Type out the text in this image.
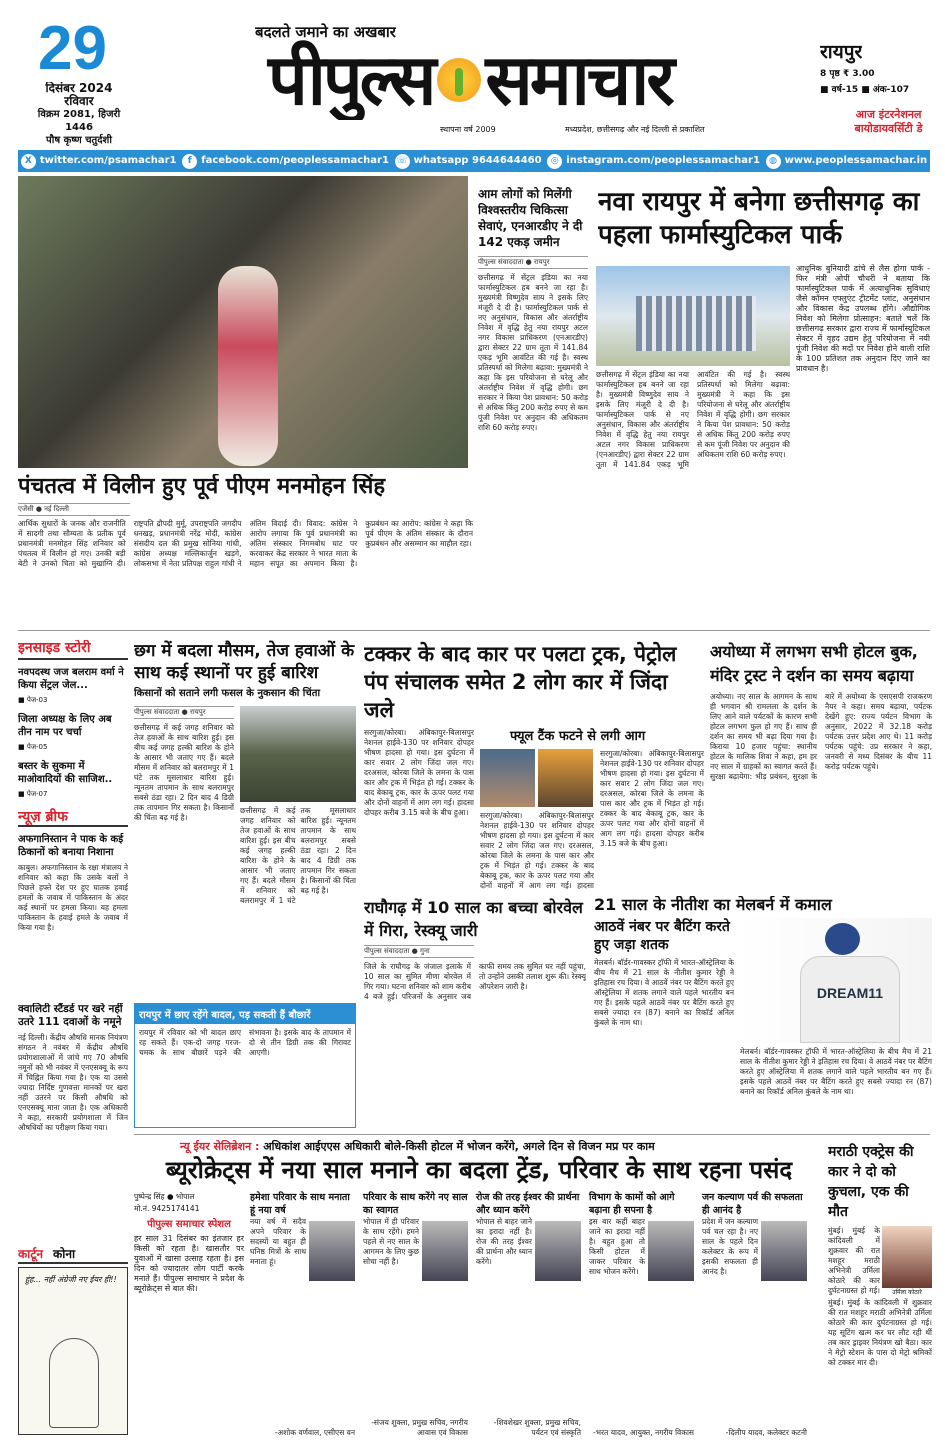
29
दिसंबर 2024
रविवार
विक्रम 2081, हिजरी 1446
पौष कृष्ण चतुर्दशी
बदलते जमाने का अखबार
पीपुल्स समाचार
स्थापना वर्ष 2009	मध्यप्रदेश, छत्तीसगढ़ और नई दिल्ली से प्रकाशित
रायपुर
8 पृष्ठ ₹ 3.00
■ वर्ष-15 ■ अंक-107
आज इंटरनेशनल बायोडायवर्सिटी डे
X twitter.com/psamachar1	f facebook.com/peoplessamachar1 ☏ whatsapp 9644644460	◎ instagram.com/peoplessamachar1	◍ www.peoplessamachar.in
पंचतत्व में विलीन हुए पूर्व पीएम मनमोहन सिंह
एजेंसी ● नई दिल्ली
आर्थिक सुधारों के जनक और राजनीति में सादगी तथा सौम्यता के प्रतीक पूर्व प्रधानमंत्री मनमोहन सिंह शनिवार को पंचतत्व में विलीन हो गए। उनकी बड़ी बेटी ने उनको चिता को मुखाग्नि दी। राष्ट्रपति द्रौपदी मुर्मू, उपराष्ट्रपति जगदीप धनखड़, प्रधानमंत्री नरेंद्र मोदी, कांग्रेस संसदीय दल की प्रमुख सोनिया गांधी, कांग्रेस अध्यक्ष मल्लिकार्जुन खड़गे, लोकसभा में नेता प्रतिपक्ष राहुल गांधी ने अंतिम विदाई दी। विवाद: कांग्रेस ने आरोप लगाया कि पूर्व प्रधानमंत्री का अंतिम संस्कार निगमबोध घाट पर करवाकर केंद्र सरकार ने भारत माता के महान सपूत का अपमान किया है। कुप्रबंधन का आरोप: कांग्रेस ने कहा कि पूर्व पीएम के अंतिम संस्कार के दौरान कुप्रबंधन और असम्मान का माहौल रहा।
आम लोगों को मिलेंगी विश्वस्तरीय चिकित्सा सेवाएं, एनआरडीए ने दी 142 एकड़ जमीन
पीपुल्स संवाददाता ● रायपुर
छत्तीसगढ़ में सेंट्रल इंडिया का नया फार्मास्युटिकल हब बनने जा रहा है। मुख्यमंत्री विष्णुदेव साय ने इसके लिए मंजूरी दे दी है। फार्मास्युटिकल पार्क से नए अनुसंधान, विकास और अंतर्राष्ट्रीय निवेश में वृद्धि हेतु नया रायपुर अटल नगर विकास प्राधिकरण (एनआरडीए) द्वारा सेक्टर 22 ग्राम तूता में 141.84 एकड़ भूमि आवंटित की गई है। स्वस्थ प्रतिस्पर्धा को मिलेगा बढ़ावा: मुख्यमंत्री ने कहा कि इस परियोजना से घरेलू और अंतर्राष्ट्रीय निवेश में वृद्धि होगी। छग सरकार ने किया पेश प्रावधान: 50 करोड़ से अधिक किंतु 200 करोड़ रुपए से कम पूंजी निवेश पर अनुदान की अधिकतम राशि 60 करोड़ रुपए।
नवा रायपुर में बनेगा छत्तीसगढ़ का पहला फार्मास्युटिकल पार्क
छत्तीसगढ़ में सेंट्रल इंडिया का नया फार्मास्युटिकल हब बनने जा रहा है। मुख्यमंत्री विष्णुदेव साय ने इसके लिए मंजूरी दे दी है। फार्मास्युटिकल पार्क से नए अनुसंधान, विकास और अंतर्राष्ट्रीय निवेश में वृद्धि हेतु नया रायपुर अटल नगर विकास प्राधिकरण (एनआरडीए) द्वारा सेक्टर 22 ग्राम तूता में 141.84 एकड़ भूमि आवंटित की गई है। स्वस्थ प्रतिस्पर्धा को मिलेगा बढ़ावा: मुख्यमंत्री ने कहा कि इस परियोजना से घरेलू और अंतर्राष्ट्रीय निवेश में वृद्धि होगी। छग सरकार ने किया पेश प्रावधान: 50 करोड़ से अधिक किंतु 200 करोड़ रुपए से कम पूंजी निवेश पर अनुदान की अधिकतम राशि 60 करोड़ रुपए।
आधुनिक बुनियादी ढांचे से लैस होगा पार्क - फिर मंत्री ओपी चौधरी ने बताया कि फार्मास्युटिकल पार्क में अत्याधुनिक सुविधाएं जैसे कॉमन एफ्लुएंट ट्रीटमेंट प्लांट, अनुसंधान और विकास केंद्र उपलब्ध होंगे। औद्योगिक निवेश को मिलेगा प्रोत्साहन: बताते चलें कि छत्तीसगढ़ सरकार द्वारा राज्य में फार्मास्युटिकल सेक्टर में वृहद उद्यम हेतु परियोजना में नयी पूंजी निवेश की मदों पर निवेश होने वाली राशि के 100 प्रतिशत तक अनुदान दिए जाने का प्रावधान है।
इनसाइड स्टोरी
नवपदस्थ जज बलराम वर्मा ने किया सेंट्रल जेल...
■ पेज-03
जिला अध्यक्ष के लिए अब तीन नाम पर चर्चा
■ पेज-05
बस्तर के सुकमा में माओवादियों की साजिश..
■ पेज-07
न्यूज़ ब्रीफ
अफगानिस्तान ने पाक के कई ठिकानों को बनाया निशाना
काबुल। अफगानिस्तान के रक्षा मंत्रालय ने शनिवार को कहा कि उसके बलों ने पिछले हफ्ते देश पर हुए घातक हवाई हमलों के जवाब में पाकिस्तान के अंदर कई स्थानों पर हमला किया। यह हमला पाकिस्तान के हवाई हमले के जवाब में किया गया है।
क्वालिटी स्टैंडर्ड पर खरे नहीं उतरे 111 दवाओं के नमूने
नई दिल्ली। केंद्रीय औषधि मानक नियंत्रण संगठन ने नवंबर में केंद्रीय औषधि प्रयोगशालाओं में जांचे गए 70 औषधि नमूनों को भी नवंबर में एनएसक्यू के रूप में चिह्नित किया गया है। एक या उससे ज्यादा निर्दिष्ट गुणवत्ता मानकों पर खरा नहीं उतरने पर किसी औषधि को एनएसक्यू माना जाता है। एक अधिकारी ने कहा, सरकारी प्रयोगशाला में जिन औषधियों का परीक्षण किया गया।
छग में बदला मौसम, तेज हवाओं के साथ कई स्थानों पर हुई बारिश
किसानों को सताने लगी फसल के नुकसान की चिंता
पीपुल्स संवाददाता ● रायपुर
छत्तीसगढ़ में कई जगह शनिवार को तेज हवाओं के साथ बारिश हुई। इस बीच कई जगह हल्की बारिश के होने के आसार भी जताए गए हैं। बदले मौसम में शनिवार को बलरामपुर में 1 घंटे तक मूसलाधार बारिश हुई। न्यूनतम तापमान के साथ बलरामपुर सबसे ठंडा रहा। 2 दिन बाद 4 डिग्री तक तापमान गिर सकता है। किसानों की चिंता बढ़ गई है।
छत्तीसगढ़ में कई जगह शनिवार को तेज हवाओं के साथ बारिश हुई। इस बीच कई जगह हल्की बारिश के होने के आसार भी जताए गए हैं। बदले मौसम में शनिवार को बलरामपुर में 1 घंटे तक मूसलाधार बारिश हुई। न्यूनतम तापमान के साथ बलरामपुर सबसे ठंडा रहा। 2 दिन बाद 4 डिग्री तक तापमान गिर सकता है। किसानों की चिंता बढ़ गई है।
रायपुर में छाए रहेंगे बादल, पड़ सकती हैं बौछारें
रायपुर में रविवार को भी बादल छाए रह सकते हैं। एक-दो जगह गरज-चमक के साथ बौछारें पड़ने की संभावना है। इसके बाद के तापमान में दो से तीन डिग्री तक की गिरावट आएगी।
टक्कर के बाद कार पर पलटा ट्रक, पेट्रोल पंप संचालक समेत 2 लोग कार में जिंदा जले
सरगुजा/कोरबा। अंबिकापुर-बिलासपुर नेशनल हाईवे-130 पर शनिवार दोपहर भीषण हादसा हो गया। इस दुर्घटना में कार सवार 2 लोग जिंदा जल गए। दरअसल, कोरबा जिले के लमना के पास कार और ट्रक में भिड़ंत हो गई। टक्कर के बाद बेकाबू ट्रक, कार के ऊपर पलट गया और दोनों वाहनों में आग लग गई। हादसा दोपहर करीब 3.15 बजे के बीच हुआ।
फ्यूल टैंक फटने से लगी आग
सरगुजा/कोरबा। अंबिकापुर-बिलासपुर नेशनल हाईवे-130 पर शनिवार दोपहर भीषण हादसा हो गया। इस दुर्घटना में कार सवार 2 लोग जिंदा जल गए। दरअसल, कोरबा जिले के लमना के पास कार और ट्रक में भिड़ंत हो गई। टक्कर के बाद बेकाबू ट्रक, कार के ऊपर पलट गया और दोनों वाहनों में आग लग गई। हादसा
सरगुजा/कोरबा। अंबिकापुर-बिलासपुर नेशनल हाईवे-130 पर शनिवार दोपहर भीषण हादसा हो गया। इस दुर्घटना में कार सवार 2 लोग जिंदा जल गए। दरअसल, कोरबा जिले के लमना के पास कार और ट्रक में भिड़ंत हो गई। टक्कर के बाद बेकाबू ट्रक, कार के ऊपर पलट गया और दोनों वाहनों में आग लग गई। हादसा दोपहर करीब 3.15 बजे के बीच हुआ।
अयोध्या में लगभग सभी होटल बुक, मंदिर ट्रस्ट ने दर्शन का समय बढ़ाया
अयोध्या। नए साल के आगमन के साथ ही भगवान श्री रामलला के दर्शन के लिए आने वाले पर्यटकों के कारण सभी होटल लगभग फुल हो गए हैं। साथ ही दर्शन का समय भी बढ़ा दिया गया है। किराया 10 हजार पहुंचा: स्थानीय होटल के मालिक शिवा ने कहा, हम हर नए साल में ग्राहकों का स्वागत करते हैं। सुरक्षा बढ़ायेगा: भीड़ प्रबंधन, सुरक्षा के बारे में अयोध्या के एसएसपी राजकरण नैयर ने कहा। समय बढ़ाया, पर्यटक देखेंगे हुए: राज्य पर्यटन विभाग के अनुसार, 2022 में 32.18 करोड़ पर्यटक उत्तर प्रदेश आए थे। 11 करोड़ पर्यटक पहुंचे: उप्र सरकार ने कहा, जनवरी से मध्य दिसंबर के बीच 11 करोड़ पर्यटक पहुंचे।
राघौगढ़ में 10 साल का बच्चा बोरवेल में गिरा, रेस्क्यू जारी
पीपुल्स संवाददाता ● गुना
जिले के राघौगढ़ के जंजाल इलाके में 10 साल का सुमित मीणा बोरवेल में गिर गया। घटना शनिवार को शाम करीब 4 बजे हुई। परिजनों के अनुसार जब काफी समय तक सुमित घर नहीं पहुंचा, तो उन्होंने उसकी तलाश शुरू की। रेस्क्यू ऑपरेशन जारी है।
21 साल के नीतीश का मेलबर्न में कमाल
आठवें नंबर पर बैटिंग करते हुए जड़ा शतक
मेलबर्न। बॉर्डर-गावस्कर ट्रॉफी में भारत-ऑस्ट्रेलिया के बीच मैच में 21 साल के नीतीश कुमार रेड्डी ने इतिहास रच दिया। वे आठवें नंबर पर बैटिंग करते हुए ऑस्ट्रेलिया में शतक लगाने वाले पहले भारतीय बन गए हैं। इसके पहले आठवें नंबर पर बैटिंग करते हुए सबसे ज्यादा रन (87) बनाने का रिकॉर्ड अनिल कुंबले के नाम था।
DREAM11
मेलबर्न। बॉर्डर-गावस्कर ट्रॉफी में भारत-ऑस्ट्रेलिया के बीच मैच में 21 साल के नीतीश कुमार रेड्डी ने इतिहास रच दिया। वे आठवें नंबर पर बैटिंग करते हुए ऑस्ट्रेलिया में शतक लगाने वाले पहले भारतीय बन गए हैं। इसके पहले आठवें नंबर पर बैटिंग करते हुए सबसे ज्यादा रन (87) बनाने का रिकॉर्ड अनिल कुंबले के नाम था।
न्यू ईयर सेलिब्रेशन : अधिकांश आईएएस अधिकारी बोले-किसी होटल में भोजन करेंगे, अगले दिन से विजन मप्र पर काम
ब्यूरोक्रेट्स में नया साल मनाने का बदला ट्रेंड, परिवार के साथ रहना पसंद
पुष्पेन्द्र सिंह ● भोपाल
मो.नं. 9425174141
पीपुल्स समाचार स्पेशल
हर साल 31 दिसंबर का इंतजार हर किसी को रहता है। खासतौर पर युवाओं में खासा उत्साह रहता है। इस दिन को ज्यादातर लोग पार्टी करके मनाते हैं। पीपुल्स समाचार ने प्रदेश के ब्यूरोक्रेट्स से बात की।
हमेशा परिवार के साथ मनाता हूं नया वर्ष
नया वर्ष में सदैव अपने परिवार के सदस्यों या बहुत ही घनिष्ठ मित्रों के साथ मनाता हूं।
-अशोक वर्णवाल, एसीएस वन
परिवार के साथ करेंगे नए साल का स्वागत
भोपाल में ही परिवार के साथ रहेंगे। हमने पहले से नए साल के आगमन के लिए कुछ सोचा नहीं है।
-संजय शुक्ला, प्रमुख सचिव, नगरीय आवास एवं विकास
रोज की तरह ईश्वर की प्रार्थना और ध्यान करेंगे
भोपाल से बाहर जाने का इरादा नहीं है। रोज की तरह ईश्वर की प्रार्थना और ध्यान करेंगे।
-शिवशेखर शुक्ला, प्रमुख सचिव, पर्यटन एवं संस्कृति
विभाग के कामों को आगे बढ़ाना ही सपना है
इस बार कहीं बाहर जाने का इरादा नहीं है। बहुत हुआ तो किसी होटल में जाकर परिवार के साथ भोजन करेंगे।
-भरत यादव, आयुक्त, नगरीय विकास
जन कल्याण पर्व की सफलता ही आनंद है
प्रदेश में जन कल्याण पर्व चल रहा है। नए साल के पहले दिन कलेक्टर के रूप में इसकी सफलता ही आनंद है।
-दिलीप यादव, कलेक्टर कटनी
कार्टून कोना
हुंह... नहीं अंग्रेजी नए ईयर ही!!
मराठी एक्ट्रेस की कार ने दो को कुचला, एक की मौत
मुंबई। मुंबई के कांदिवली में शुक्रवार की रात मशहूर मराठी अभिनेत्री उर्मिला कोठारे की कार दुर्घटनाग्रस्त हो गई।	उर्मिला कोठारे
मुंबई। मुंबई के कांदिवली में शुक्रवार की रात मशहूर मराठी अभिनेत्री उर्मिला कोठारे की कार दुर्घटनाग्रस्त हो गई। यह सूटिंग खत्म कर घर लौट रही थीं तब कार ड्राइवर नियंत्रण खो बैठा। कार ने मेट्रो स्टेशन के पास दो मेट्रो श्रमिकों को टक्कर मार दी।
